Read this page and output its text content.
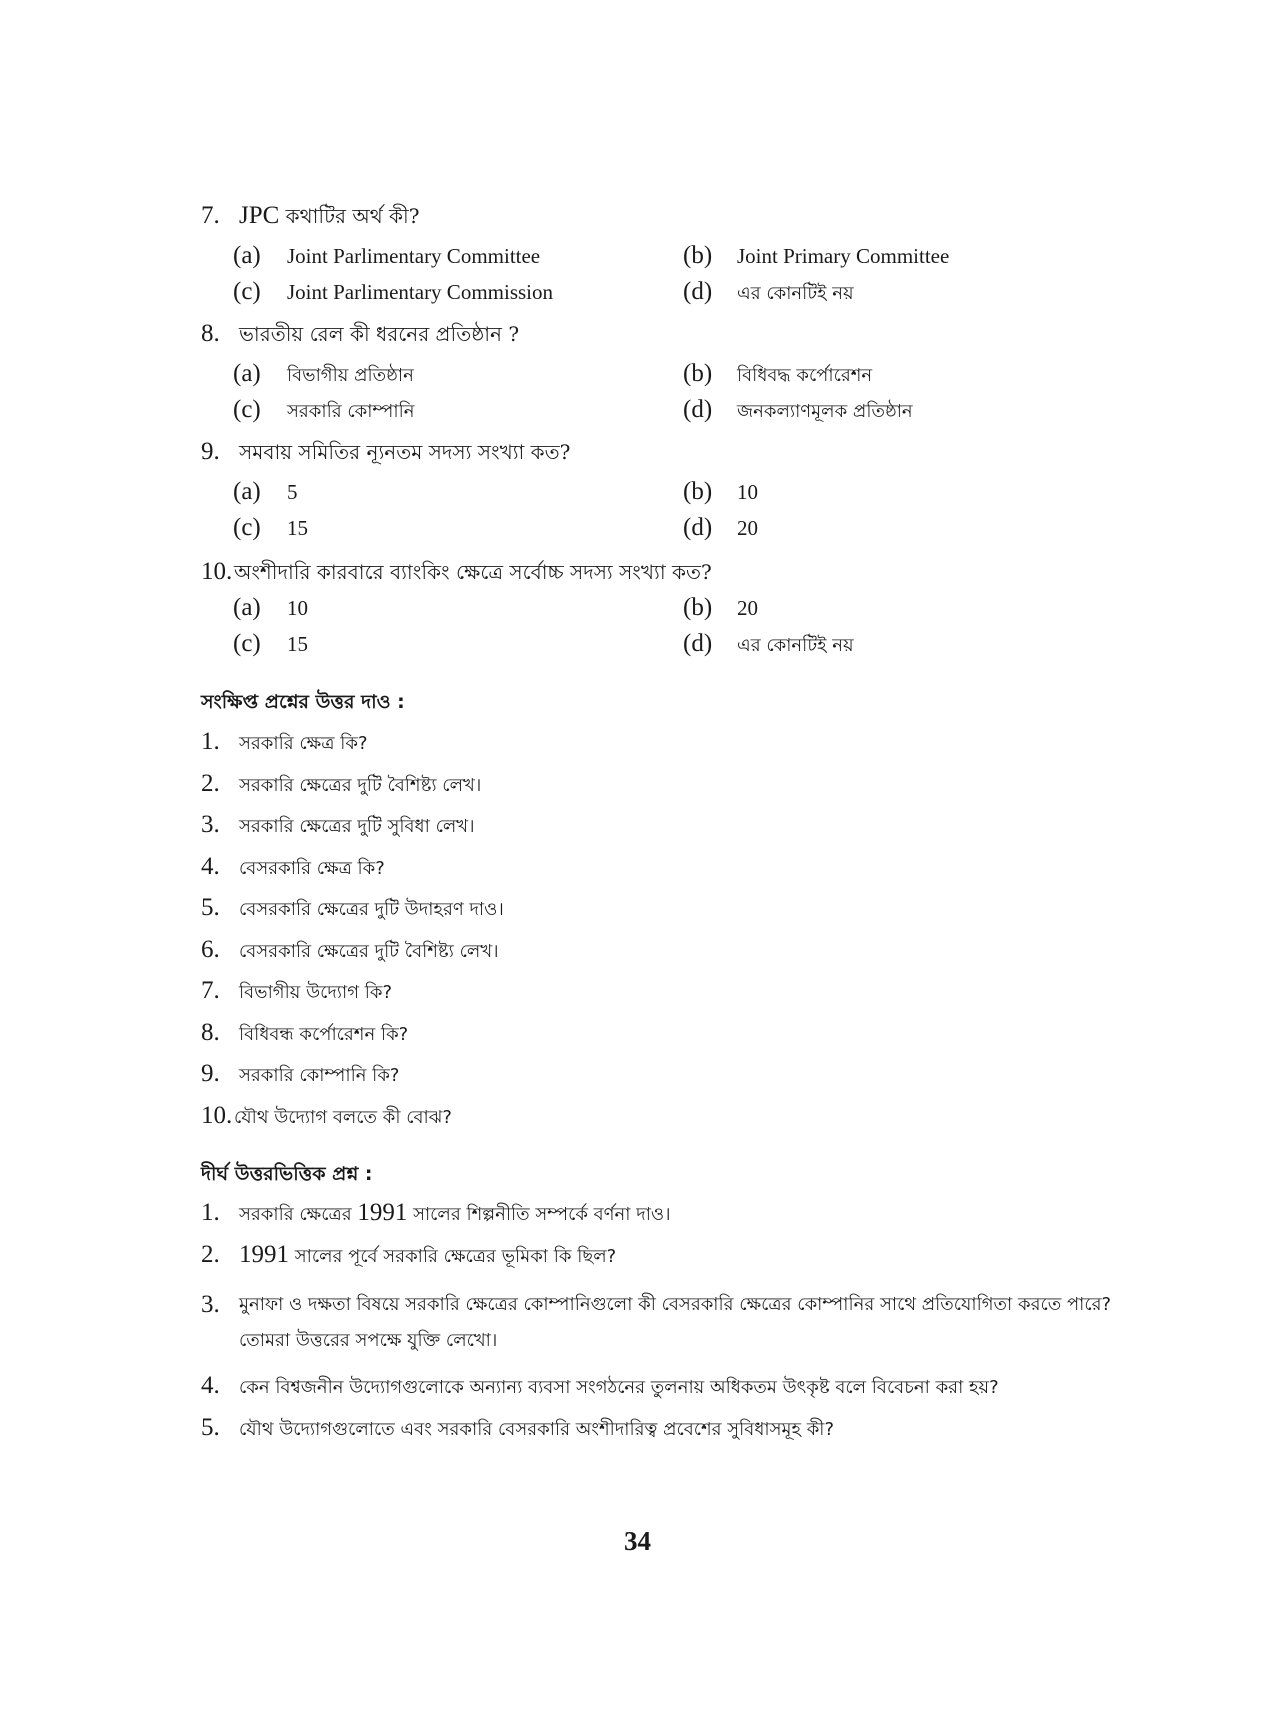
7. JPC কথাটির অর্থ কী?
(a)	Joint Parlimentary Committee	(b)	Joint Primary Committee
(c)	Joint Parlimentary Commission	(d)	এর কোনটিই নয়
8. ভারতীয় রেল কী ধরনের প্রতিষ্ঠান ?
(a)	বিভাগীয় প্রতিষ্ঠান	(b)	বিধিবদ্ধ কর্পোরেশন
(c)	সরকারি কোম্পানি	(d)	জনকল্যাণমূলক প্রতিষ্ঠান
9. সমবায় সমিতির ন্যূনতম সদস্য সংখ্যা কত?
(a)	5	(b)	10
(c)	15	(d)	20
10. অংশীদারি কারবারে ব্যাংকিং ক্ষেত্রে সর্বোচ্চ সদস্য সংখ্যা কত?
(a)	10	(b)	20
(c)	15	(d)	এর কোনটিই নয়
সংক্ষিপ্ত প্রশ্নের উত্তর দাও :
1.	সরকারি ক্ষেত্র কি?
2.	সরকারি ক্ষেত্রের দুটি বৈশিষ্ট্য লেখ।
3.	সরকারি ক্ষেত্রের দুটি সুবিধা লেখ।
4.	বেসরকারি ক্ষেত্র কি?
5.	বেসরকারি ক্ষেত্রের দুটি উদাহরণ দাও।
6.	বেসরকারি ক্ষেত্রের দুটি বৈশিষ্ট্য লেখ।
7.	বিভাগীয় উদ্যোগ কি?
8.	বিধিবন্ধ কর্পোরেশন কি?
9.	সরকারি কোম্পানি কি?
10. যৌথ উদ্যোগ বলতে কী বোঝ?
দীর্ঘ উত্তরভিত্তিক প্রশ্ন :
1.	সরকারি ক্ষেত্রের 1991 সালের শিল্পনীতি সম্পর্কে বর্ণনা দাও।
2. 1991 সালের পূর্বে সরকারি ক্ষেত্রের ভূমিকা কি ছিল?
3.	মুনাফা ও দক্ষতা বিষয়ে সরকারি ক্ষেত্রের কোম্পানিগুলো কী বেসরকারি ক্ষেত্রের কোম্পানির সাথে প্রতিযোগিতা করতে পারে? তোমরা উত্তরের সপক্ষে যুক্তি লেখো।
4.	কেন বিশ্বজনীন উদ্যোগগুলোকে অন্যান্য ব্যবসা সংগঠনের তুলনায় অধিকতম উৎকৃষ্ট বলে বিবেচনা করা হয়?
5.	যৌথ উদ্যোগগুলোতে এবং সরকারি বেসরকারি অংশীদারিত্ব প্রবেশের সুবিধাসমূহ কী?
34
